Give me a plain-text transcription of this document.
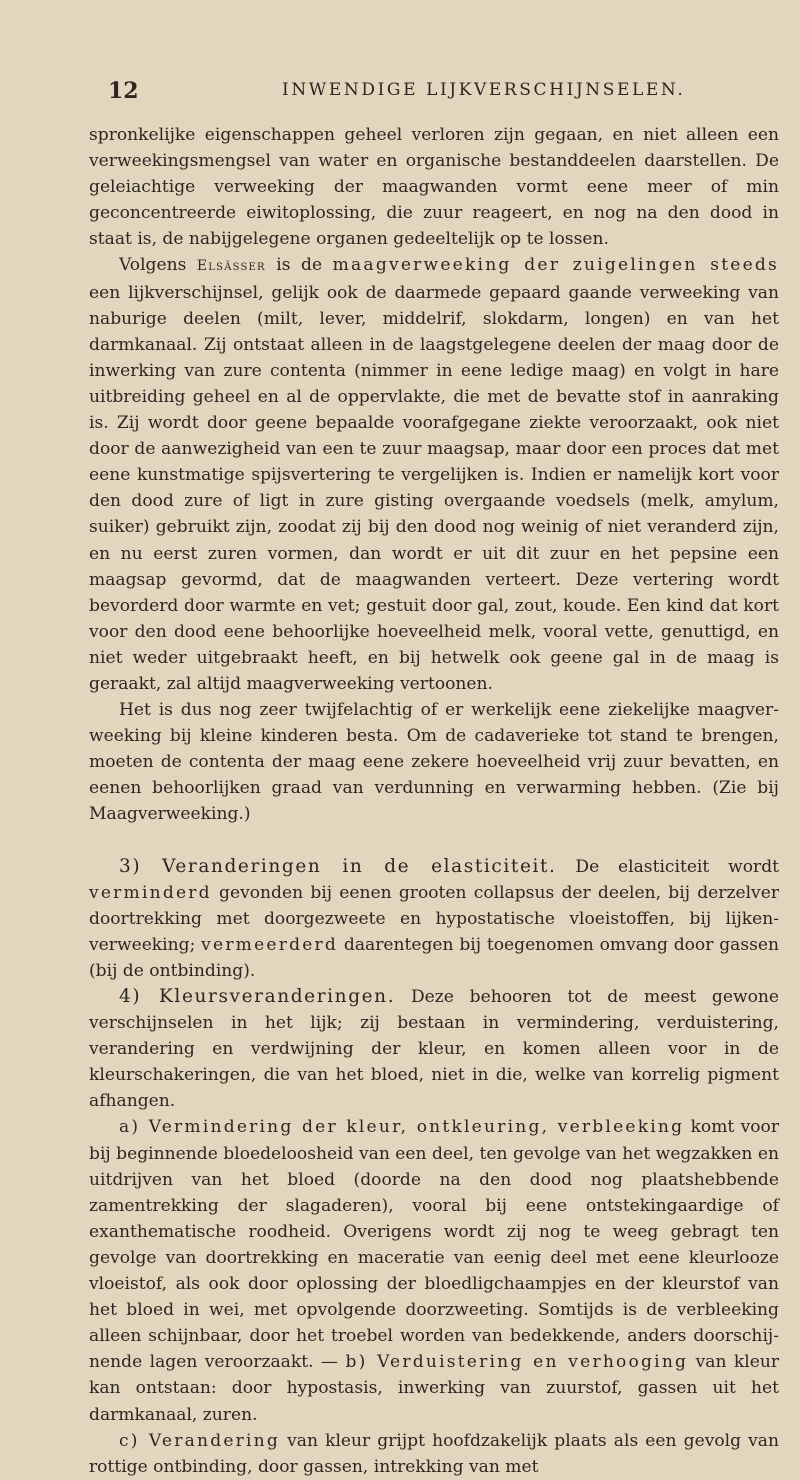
12	INWENDIGE LIJKVERSCHIJNSELEN.

spronkelijke eigenschappen geheel verloren zijn gegaan, en niet alleen een verweekingsmengsel van water en organische bestanddeelen daarstellen. De geleiachtige verweeking der maagwanden vormt eene meer of min geconcentreerde eiwitoplossing, die zuur reageert, en nog na den dood in staat is, de nabijgelegene organen gedeeltelijk op te lossen.

Volgens Elsässer is de maagverweeking der zuigelingen steeds een lijkverschijnsel, gelijk ook de daarmede gepaard gaande verweeking van naburige deelen (milt, lever, middelrif, slokdarm, longen) en van het darmkanaal. Zij ontstaat alleen in de laagstgelegene deelen der maag door de inwerking van zure contenta (nimmer in eene ledige maag) en volgt in hare uitbreiding geheel en al de oppervlakte, die met de bevatte stof in aanraking is. Zij wordt door geene bepaalde voorafgegane ziekte veroorzaakt, ook niet door de aanwezigheid van een te zuur maagsap, maar door een proces dat met eene kunstmatige spijsvertering te vergelijken is. Indien er namelijk kort voor den dood zure of ligt in zure gisting overgaande voedsels (melk, amylum, suiker) gebruikt zijn, zoodat zij bij den dood nog weinig of niet veranderd zijn, en nu eerst zuren vormen, dan wordt er uit dit zuur en het pepsine een maagsap gevormd, dat de maagwanden verteert. Deze vertering wordt bevorderd door warmte en vet; gestuit door gal, zout, koude. Een kind dat kort voor den dood eene behoorlijke hoeveelheid melk, vooral vette, genuttigd, en niet weder uitgebraakt heeft, en bij hetwelk ook geene gal in de maag is geraakt, zal altijd maagverweeking vertoonen.

Het is dus nog zeer twijfelachtig of er werkelijk eene ziekelijke maagverweeking bij kleine kinderen besta. Om de cadaverieke tot stand te brengen, moeten de contenta der maag eene zekere hoeveelheid vrij zuur bevatten, en eenen behoorlijken graad van verdunning en verwarming hebben. (Zie bij Maagverweeking.)

3) Veranderingen in de elasticiteit. De elasticiteit wordt verminderd gevonden bij eenen grooten collapsus der deelen, bij derzelver doortrekking met doorgezweete en hypostatische vloeistoffen, bij lijken-verweeking; vermeerderd daarentegen bij toegenomen omvang door gassen (bij de ontbinding).

4) Kleursveranderingen. Deze behooren tot de meest gewone verschijnselen in het lijk; zij bestaan in vermindering, verduistering, verandering en verdwijning der kleur, en komen alleen voor in de kleurschakeringen, die van het bloed, niet in die, welke van korrelig pigment afhangen.

a) Vermindering der kleur, ontkleuring, verbleeking komt voor bij beginnende bloedeloosheid van een deel, ten gevolge van het wegzakken en uitdrijven van het bloed (doorde na den dood nog plaatshebbende zamentrekking der slagaderen), vooral bij eene ontstekingaardige of exanthematische roodheid. Overigens wordt zij nog te weeg gebragt ten gevolge van doortrekking en maceratie van eenig deel met eene kleurlooze vloeistof, als ook door oplossing der bloedligchaampjes en der kleurstof van het bloed in wei, met opvolgende doorzweeting. Somtijds is de verbleeking alleen schijnbaar, door het troebel worden van bedekkende, anders doorschijnende lagen veroorzaakt. — b) Verduistering en verhooging van kleur kan ontstaan: door hypostasis, inwerking van zuurstof, gassen uit het darmkanaal, zuren.

c) Verandering van kleur grijpt hoofdzakelijk plaats als een gevolg van rottige ontbinding, door gassen, intrekking van met
